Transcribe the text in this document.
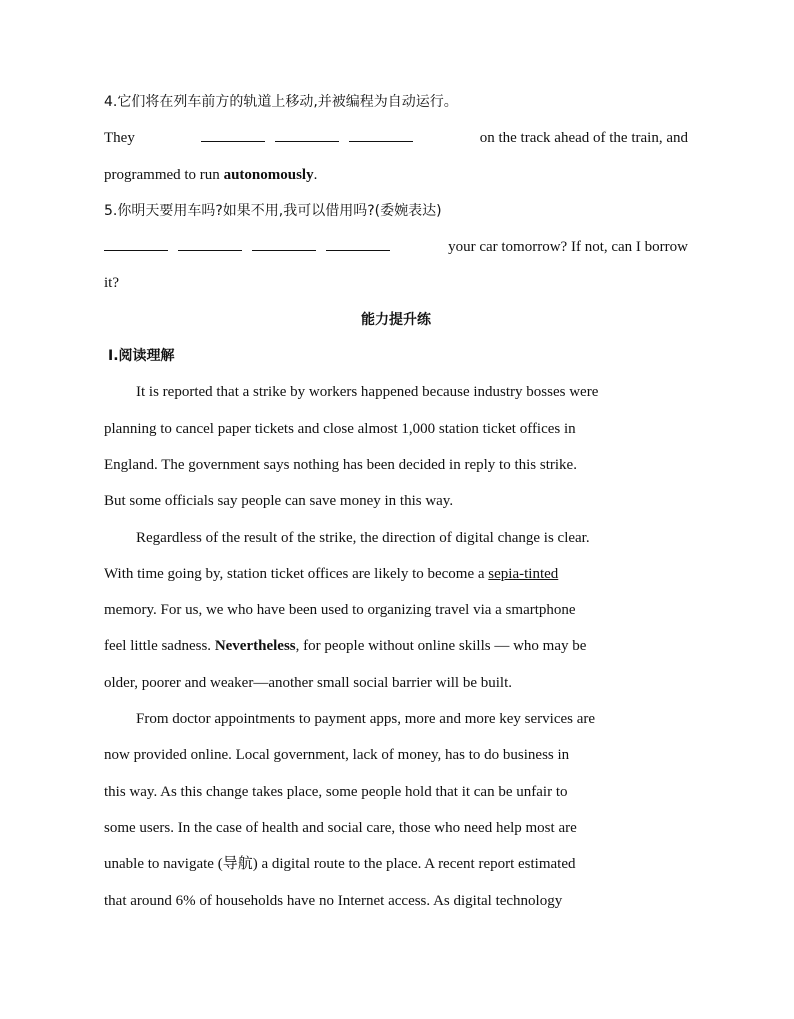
4.它们将在列车前方的轨道上移动,并被编程为自动运行。
They	on the track ahead of the train, and
programmed to run autonomously.
5.你明天要用车吗?如果不用,我可以借用吗?(委婉表达)
your car tomorrow? If not, can I borrow
it?
能力提升练
Ⅰ.阅读理解
It is reported that a strike by workers happened because industry bosses were
planning to cancel paper tickets and close almost 1,000 station ticket offices in
England. The government says nothing has been decided in reply to this strike.
But some officials say people can save money in this way.
Regardless of the result of the strike, the direction of digital change is clear.
With time going by, station ticket offices are likely to become a sepia-tinted
memory. For us, we who have been used to organizing travel via a smartphone
feel little sadness. Nevertheless, for people without online skills — who may be
older, poorer and weaker—another small social barrier will be built.
From doctor appointments to payment apps, more and more key services are
now provided online. Local government, lack of money, has to do business in
this way. As this change takes place, some people hold that it can be unfair to
some users. In the case of health and social care, those who need help most are
unable to navigate (导航) a digital route to the place. A recent report estimated
that around 6% of households have no Internet access. As digital technology
